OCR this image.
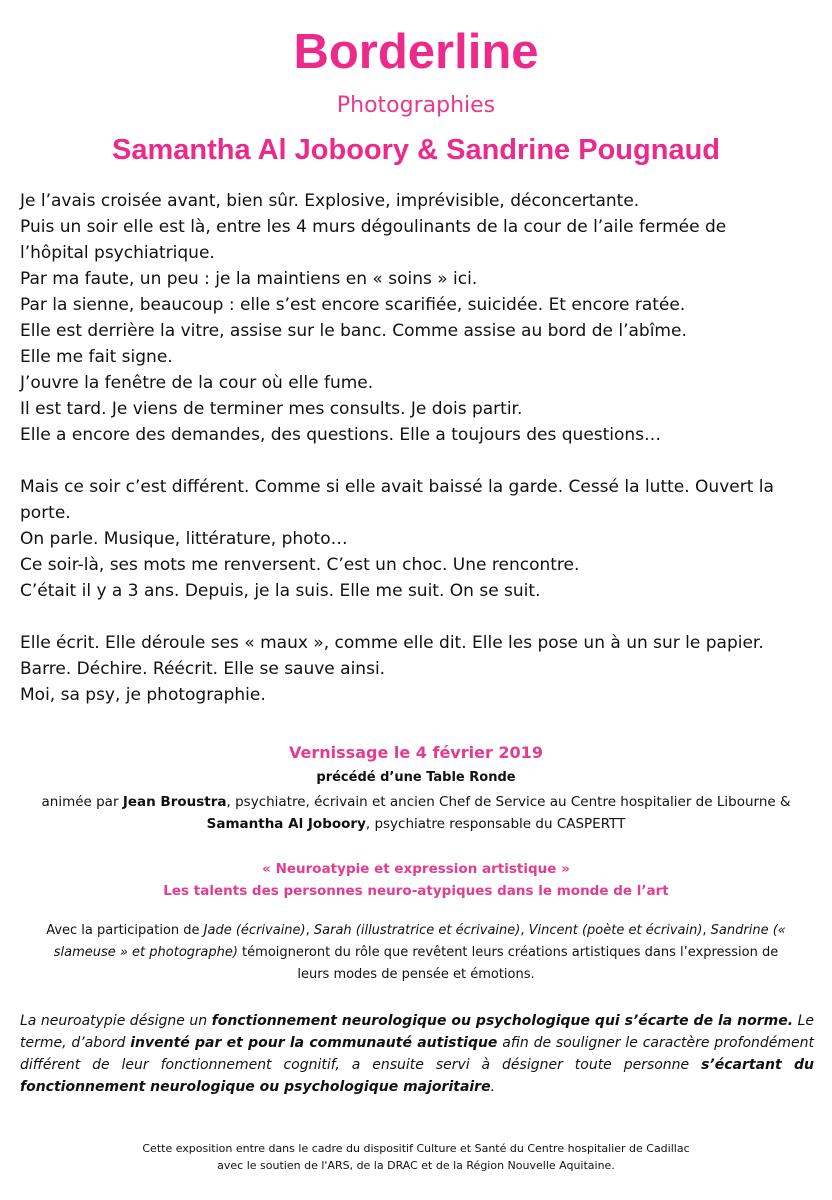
Borderline
Photographies
Samantha Al Joboory & Sandrine Pougnaud
Je l’avais croisée avant, bien sûr. Explosive, imprévisible, déconcertante.
Puis un soir elle est là, entre les 4 murs dégoulinants de la cour de l’aile fermée de
l’hôpital psychiatrique.
Par ma faute, un peu : je la maintiens en « soins » ici.
Par la sienne, beaucoup : elle s’est encore scarifiée, suicidée. Et encore ratée.
Elle est derrière la vitre, assise sur le banc. Comme assise au bord de l’abîme.
Elle me fait signe.
J’ouvre la fenêtre de la cour où elle fume.
Il est tard. Je viens de terminer mes consults. Je dois partir.
Elle a encore des demandes, des questions. Elle a toujours des questions…
Mais ce soir c’est différent. Comme si elle avait baissé la garde. Cessé la lutte. Ouvert la
porte.
On parle. Musique, littérature, photo…
Ce soir-là, ses mots me renversent. C’est un choc. Une rencontre.
C’était il y a 3 ans. Depuis, je la suis. Elle me suit. On se suit.
Elle écrit. Elle déroule ses « maux », comme elle dit. Elle les pose un à un sur le papier.
Barre. Déchire. Réécrit. Elle se sauve ainsi.
Moi, sa psy, je photographie.
Vernissage le 4 février 2019
précédé d’une Table Ronde
animée par Jean Broustra, psychiatre, écrivain et ancien Chef de Service au Centre hospitalier de Libourne & Samantha Al Joboory, psychiatre responsable du CASPERTT
« Neuroatypie et expression artistique »
Les talents des personnes neuro-atypiques dans le monde de l’art
Avec la participation de Jade (écrivaine), Sarah (illustratrice et écrivaine), Vincent (poète et écrivain), Sandrine (« slameuse » et photographe) témoigneront du rôle que revêtent leurs créations artistiques dans l’expression de leurs modes de pensée et émotions.
La neuroatypie désigne un fonctionnement neurologique ou psychologique qui s’écarte de la norme. Le terme, d’abord inventé par et pour la communauté autistique afin de souligner le caractère profondément différent de leur fonctionnement cognitif, a ensuite servi à désigner toute personne s’écartant du fonctionnement neurologique ou psychologique majoritaire.
Cette exposition entre dans le cadre du dispositif Culture et Santé du Centre hospitalier de Cadillac
avec le soutien de l'ARS, de la DRAC et de la Région Nouvelle Aquitaine.
